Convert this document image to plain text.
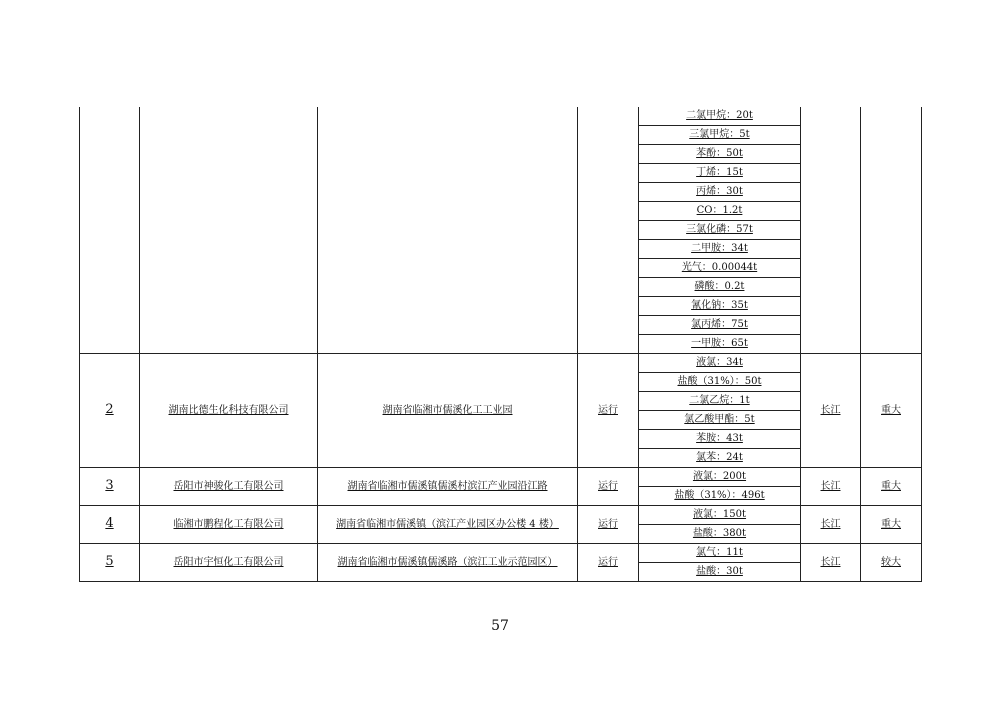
				二氯甲烷：20t		
				三氯甲烷：5t		
				苯酚：50t		
				丁烯：15t		
				丙烯：30t		
				CO：1.2t		
				三氯化磷：57t		
				二甲胺：34t		
				光气：0.00044t		
				磷酸：0.2t		
				氰化钠：35t		
				氯丙烯：75t		
				一甲胺：65t		
2	湖南比德生化科技有限公司	湖南省临湘市儒溪化工工业园	运行	液氯：34t	长江	重大
				盐酸（31%）：50t		
				二氯乙烷：1t		
				氯乙酸甲酯：5t		
				苯胺：43t		
				氯苯：24t		
3	岳阳市神骏化工有限公司	湖南省临湘市儒溪镇儒溪村滨江产业园沿江路	运行	液氯：200t	长江	重大
				盐酸（31%）：496t		
4	临湘市鹏程化工有限公司	湖南省临湘市儒溪镇（滨江产业园区办公楼 4 楼）	运行	液氯：150t	长江	重大
				盐酸：380t		
5	岳阳市宇恒化工有限公司	湖南省临湘市儒溪镇儒溪路（滨江工业示范园区）	运行	氯气：11t	长江	较大
				盐酸：30t		
57
